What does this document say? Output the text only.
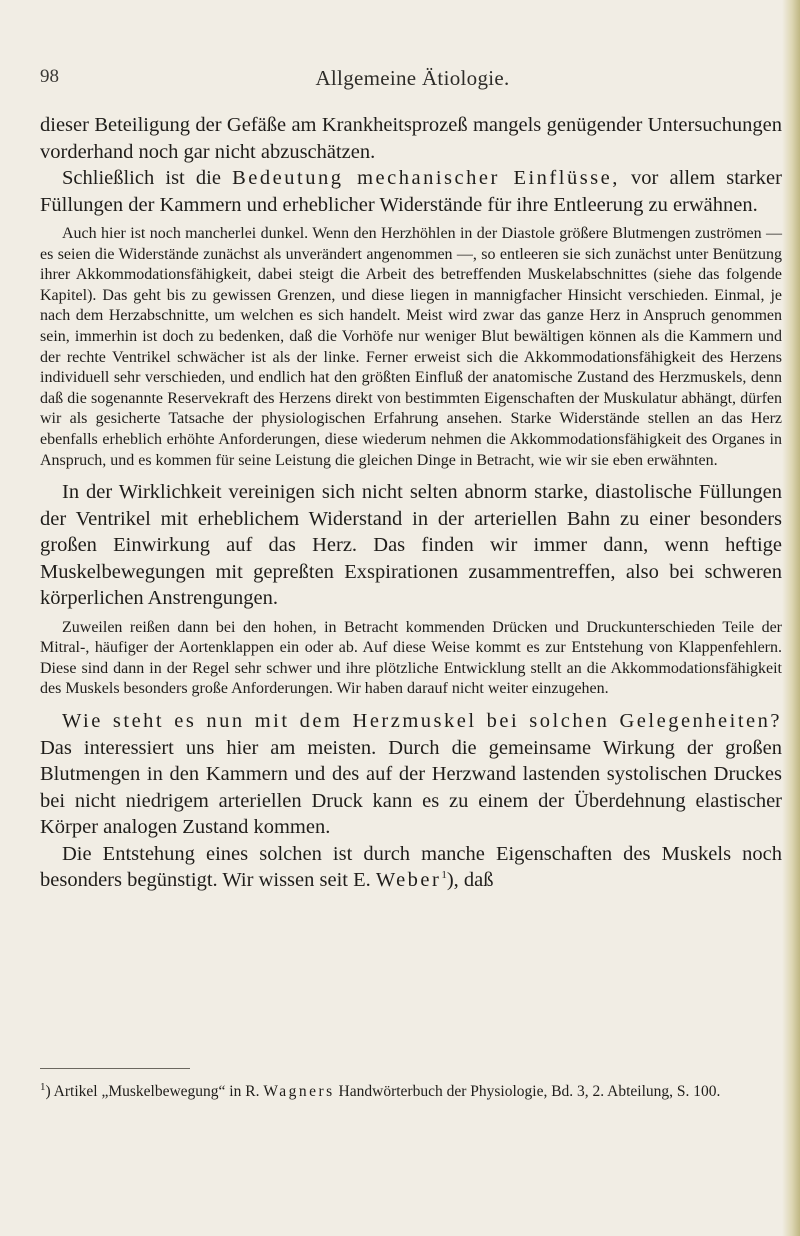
98	Allgemeine Ätiologie.

dieser Beteiligung der Gefäße am Krankheitsprozeß mangels genügender Untersuchungen vorderhand noch gar nicht abzuschätzen.

Schließlich ist die Bedeutung mechanischer Einflüsse, vor allem starker Füllungen der Kammern und erheblicher Widerstände für ihre Entleerung zu erwähnen.

Auch hier ist noch mancherlei dunkel. Wenn den Herzhöhlen in der Diastole größere Blutmengen zuströmen — es seien die Widerstände zunächst als unverändert angenommen —, so entleeren sie sich zunächst unter Benützung ihrer Akkommodationsfähigkeit, dabei steigt die Arbeit des betreffenden Muskelabschnittes (siehe das folgende Kapitel). Das geht bis zu gewissen Grenzen, und diese liegen in mannigfacher Hinsicht verschieden. Einmal, je nach dem Herzabschnitte, um welchen es sich handelt. Meist wird zwar das ganze Herz in Anspruch genommen sein, immerhin ist doch zu bedenken, daß die Vorhöfe nur weniger Blut bewältigen können als die Kammern und der rechte Ventrikel schwächer ist als der linke. Ferner erweist sich die Akkommodationsfähigkeit des Herzens individuell sehr verschieden, und endlich hat den größten Einfluß der anatomische Zustand des Herzmuskels, denn daß die sogenannte Reservekraft des Herzens direkt von bestimmten Eigenschaften der Muskulatur abhängt, dürfen wir als gesicherte Tatsache der physiologischen Erfahrung ansehen. Starke Widerstände stellen an das Herz ebenfalls erheblich erhöhte Anforderungen, diese wiederum nehmen die Akkommodationsfähigkeit des Organes in Anspruch, und es kommen für seine Leistung die gleichen Dinge in Betracht, wie wir sie eben erwähnten.

In der Wirklichkeit vereinigen sich nicht selten abnorm starke, diastolische Füllungen der Ventrikel mit erheblichem Widerstand in der arteriellen Bahn zu einer besonders großen Einwirkung auf das Herz. Das finden wir immer dann, wenn heftige Muskelbewegungen mit gepreßten Exspirationen zusammentreffen, also bei schweren körperlichen Anstrengungen.

Zuweilen reißen dann bei den hohen, in Betracht kommenden Drücken und Druckunterschieden Teile der Mitral-, häufiger der Aortenklappen ein oder ab. Auf diese Weise kommt es zur Entstehung von Klappenfehlern. Diese sind dann in der Regel sehr schwer und ihre plötzliche Entwicklung stellt an die Akkommodationsfähigkeit des Muskels besonders große Anforderungen. Wir haben darauf nicht weiter einzugehen.

Wie steht es nun mit dem Herzmuskel bei solchen Gelegenheiten? Das interessiert uns hier am meisten. Durch die gemeinsame Wirkung der großen Blutmengen in den Kammern und des auf der Herzwand lastenden systolischen Druckes bei nicht niedrigem arteriellen Druck kann es zu einem der Überdehnung elastischer Körper analogen Zustand kommen.

Die Entstehung eines solchen ist durch manche Eigenschaften des Muskels noch besonders begünstigt. Wir wissen seit E. Weber$^1$), daß

$^1$) Artikel „Muskelbewegung“ in R. Wagners Handwörterbuch der Physiologie, Bd. 3, 2. Abteilung, S. 100.
